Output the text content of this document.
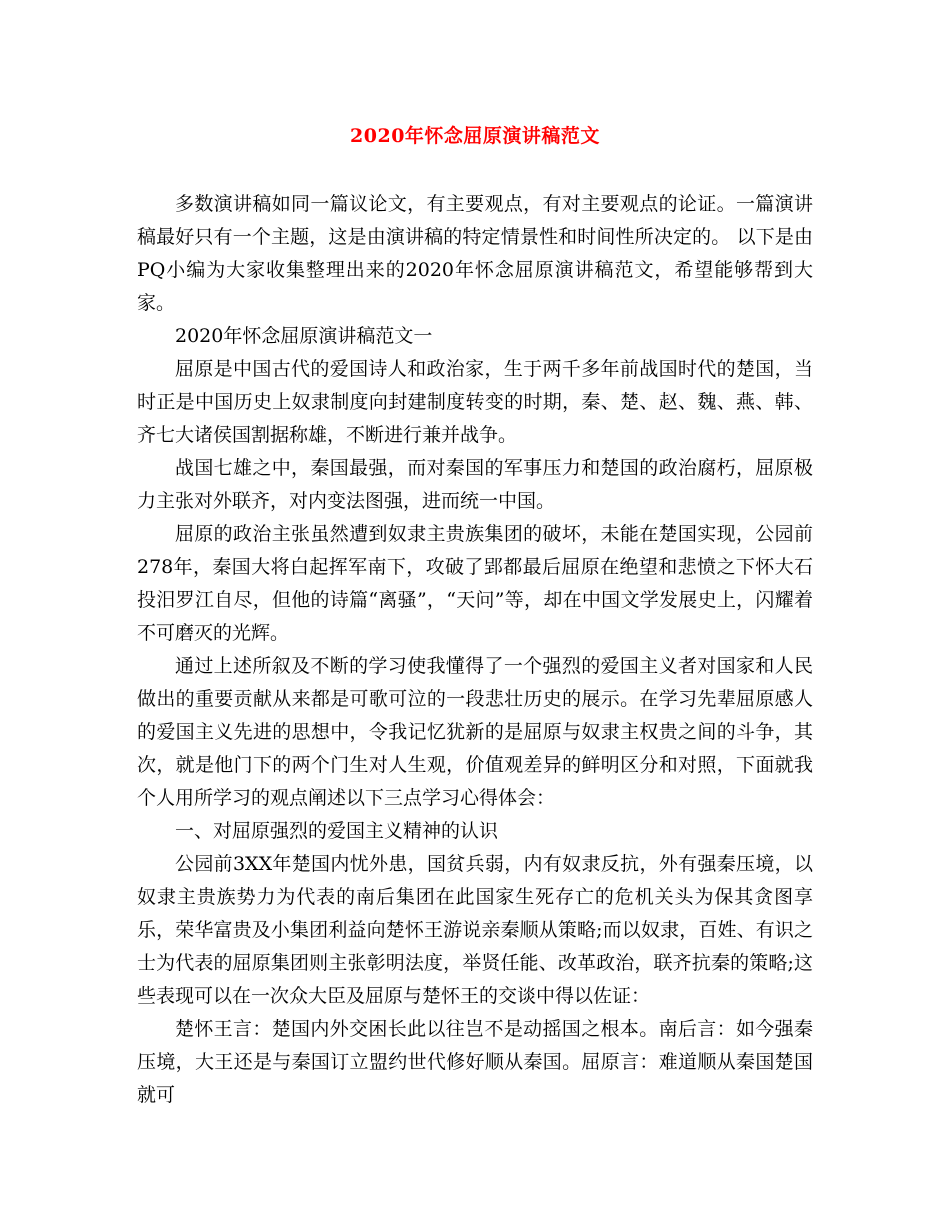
2020年怀念屈原演讲稿范文

多数演讲稿如同一篇议论文，有主要观点，有对主要观点的论证。一篇演讲稿最好只有一个主题，这是由演讲稿的特定情景性和时间性所决定的。 以下是由PQ小编为大家收集整理出来的2020年怀念屈原演讲稿范文，希望能够帮到大家。

2020年怀念屈原演讲稿范文一

屈原是中国古代的爱国诗人和政治家，生于两千多年前战国时代的楚国，当时正是中国历史上奴隶制度向封建制度转变的时期，秦、楚、赵、魏、燕、韩、齐七大诸侯国割据称雄，不断进行兼并战争。

战国七雄之中，秦国最强，而对秦国的军事压力和楚国的政治腐朽，屈原极力主张对外联齐，对内变法图强，进而统一中国。

屈原的政治主张虽然遭到奴隶主贵族集团的破坏，未能在楚国实现，公园前278年，秦国大将白起挥军南下，攻破了郢都最后屈原在绝望和悲愤之下怀大石投汨罗江自尽，但他的诗篇“离骚”，“天问”等，却在中国文学发展史上，闪耀着不可磨灭的光辉。

通过上述所叙及不断的学习使我懂得了一个强烈的爱国主义者对国家和人民做出的重要贡献从来都是可歌可泣的一段悲壮历史的展示。在学习先辈屈原感人的爱国主义先进的思想中，令我记忆犹新的是屈原与奴隶主权贵之间的斗争，其次，就是他门下的两个门生对人生观，价值观差异的鲜明区分和对照，下面就我个人用所学习的观点阐述以下三点学习心得体会：

一、对屈原强烈的爱国主义精神的认识

公园前3XX年楚国内忧外患，国贫兵弱，内有奴隶反抗，外有强秦压境，以奴隶主贵族势力为代表的南后集团在此国家生死存亡的危机关头为保其贪图享乐，荣华富贵及小集团利益向楚怀王游说亲秦顺从策略;而以奴隶，百姓、有识之士为代表的屈原集团则主张彰明法度，举贤任能、改革政治，联齐抗秦的策略;这些表现可以在一次众大臣及屈原与楚怀王的交谈中得以佐证：

楚怀王言：楚国内外交困长此以往岂不是动摇国之根本。南后言：如今强秦压境，大王还是与秦国订立盟约世代修好顺从秦国。屈原言：难道顺从秦国楚国就可
